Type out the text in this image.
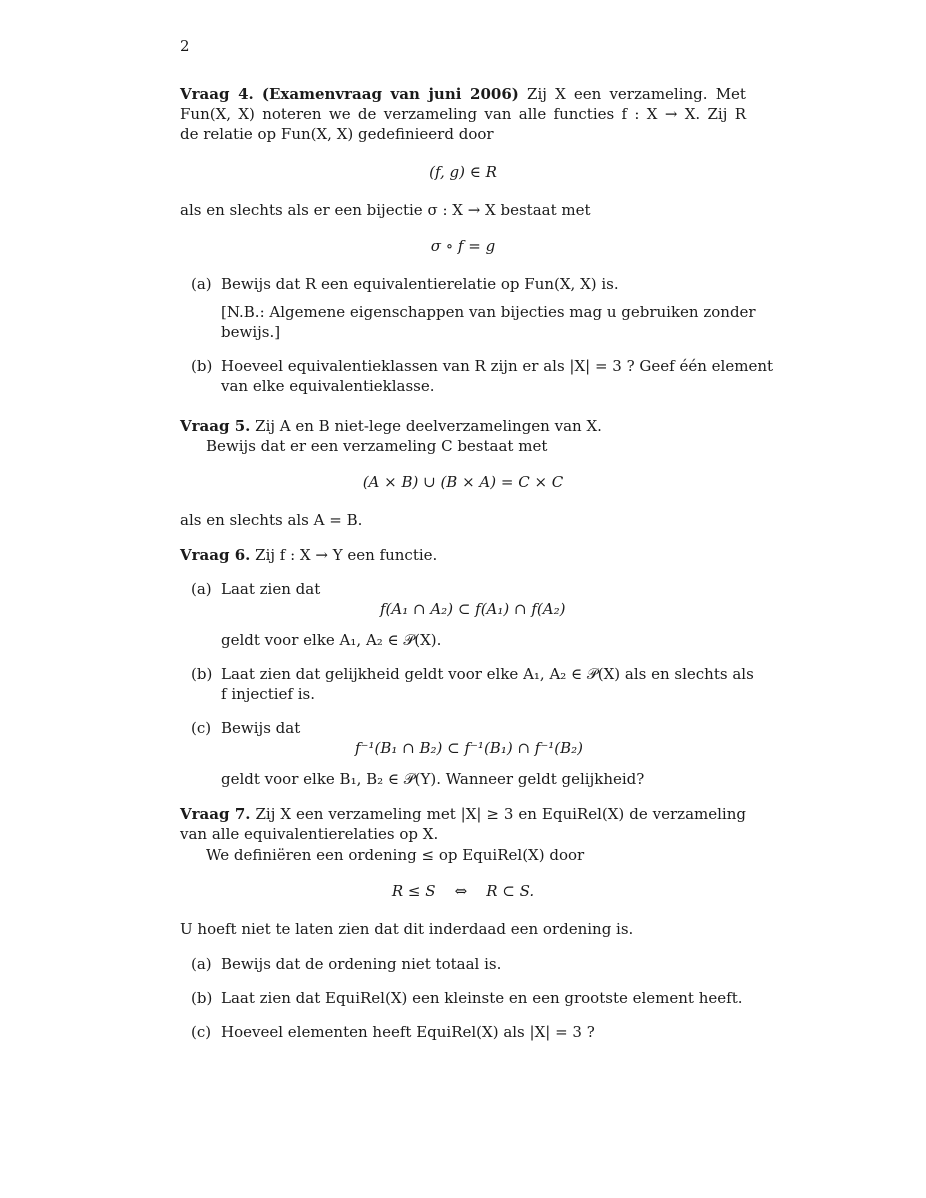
2
Vraag 4. (Examenvraag van juni 2006) Zij X een verzameling. Met
Fun(X, X) noteren we de verzameling van alle functies f : X → X. Zij R
de relatie op Fun(X, X) gedefinieerd door
(f, g) ∈ R
als en slechts als er een bijectie σ : X → X bestaat met
σ ∘ f = g
(a) Bewijs dat R een equivalentierelatie op Fun(X, X) is.
[N.B.: Algemene eigenschappen van bijecties mag u gebruiken zonder
bewijs.]
(b) Hoeveel equivalentieklassen van R zijn er als |X| = 3 ? Geef één element
van elke equivalentieklasse.
Vraag 5. Zij A en B niet-lege deelverzamelingen van X.
Bewijs dat er een verzameling C bestaat met
(A × B) ∪ (B × A) = C × C
als en slechts als A = B.
Vraag 6. Zij f : X → Y een functie.
(a) Laat zien dat
f(A₁ ∩ A₂) ⊂ f(A₁) ∩ f(A₂)
geldt voor elke A₁, A₂ ∈ 𝒫(X).
(b) Laat zien dat gelijkheid geldt voor elke A₁, A₂ ∈ 𝒫(X) als en slechts als
f injectief is.
(c) Bewijs dat
f⁻¹(B₁ ∩ B₂) ⊂ f⁻¹(B₁) ∩ f⁻¹(B₂)
geldt voor elke B₁, B₂ ∈ 𝒫(Y). Wanneer geldt gelijkheid?
Vraag 7. Zij X een verzameling met |X| ≥ 3 en EquiRel(X) de verzameling
van alle equivalentierelaties op X.
We definiëren een ordening ≤ op EquiRel(X) door
R ≤ S    ⇔    R ⊂ S.
U hoeft niet te laten zien dat dit inderdaad een ordening is.
(a) Bewijs dat de ordening niet totaal is.
(b) Laat zien dat EquiRel(X) een kleinste en een grootste element heeft.
(c) Hoeveel elementen heeft EquiRel(X) als |X| = 3 ?
